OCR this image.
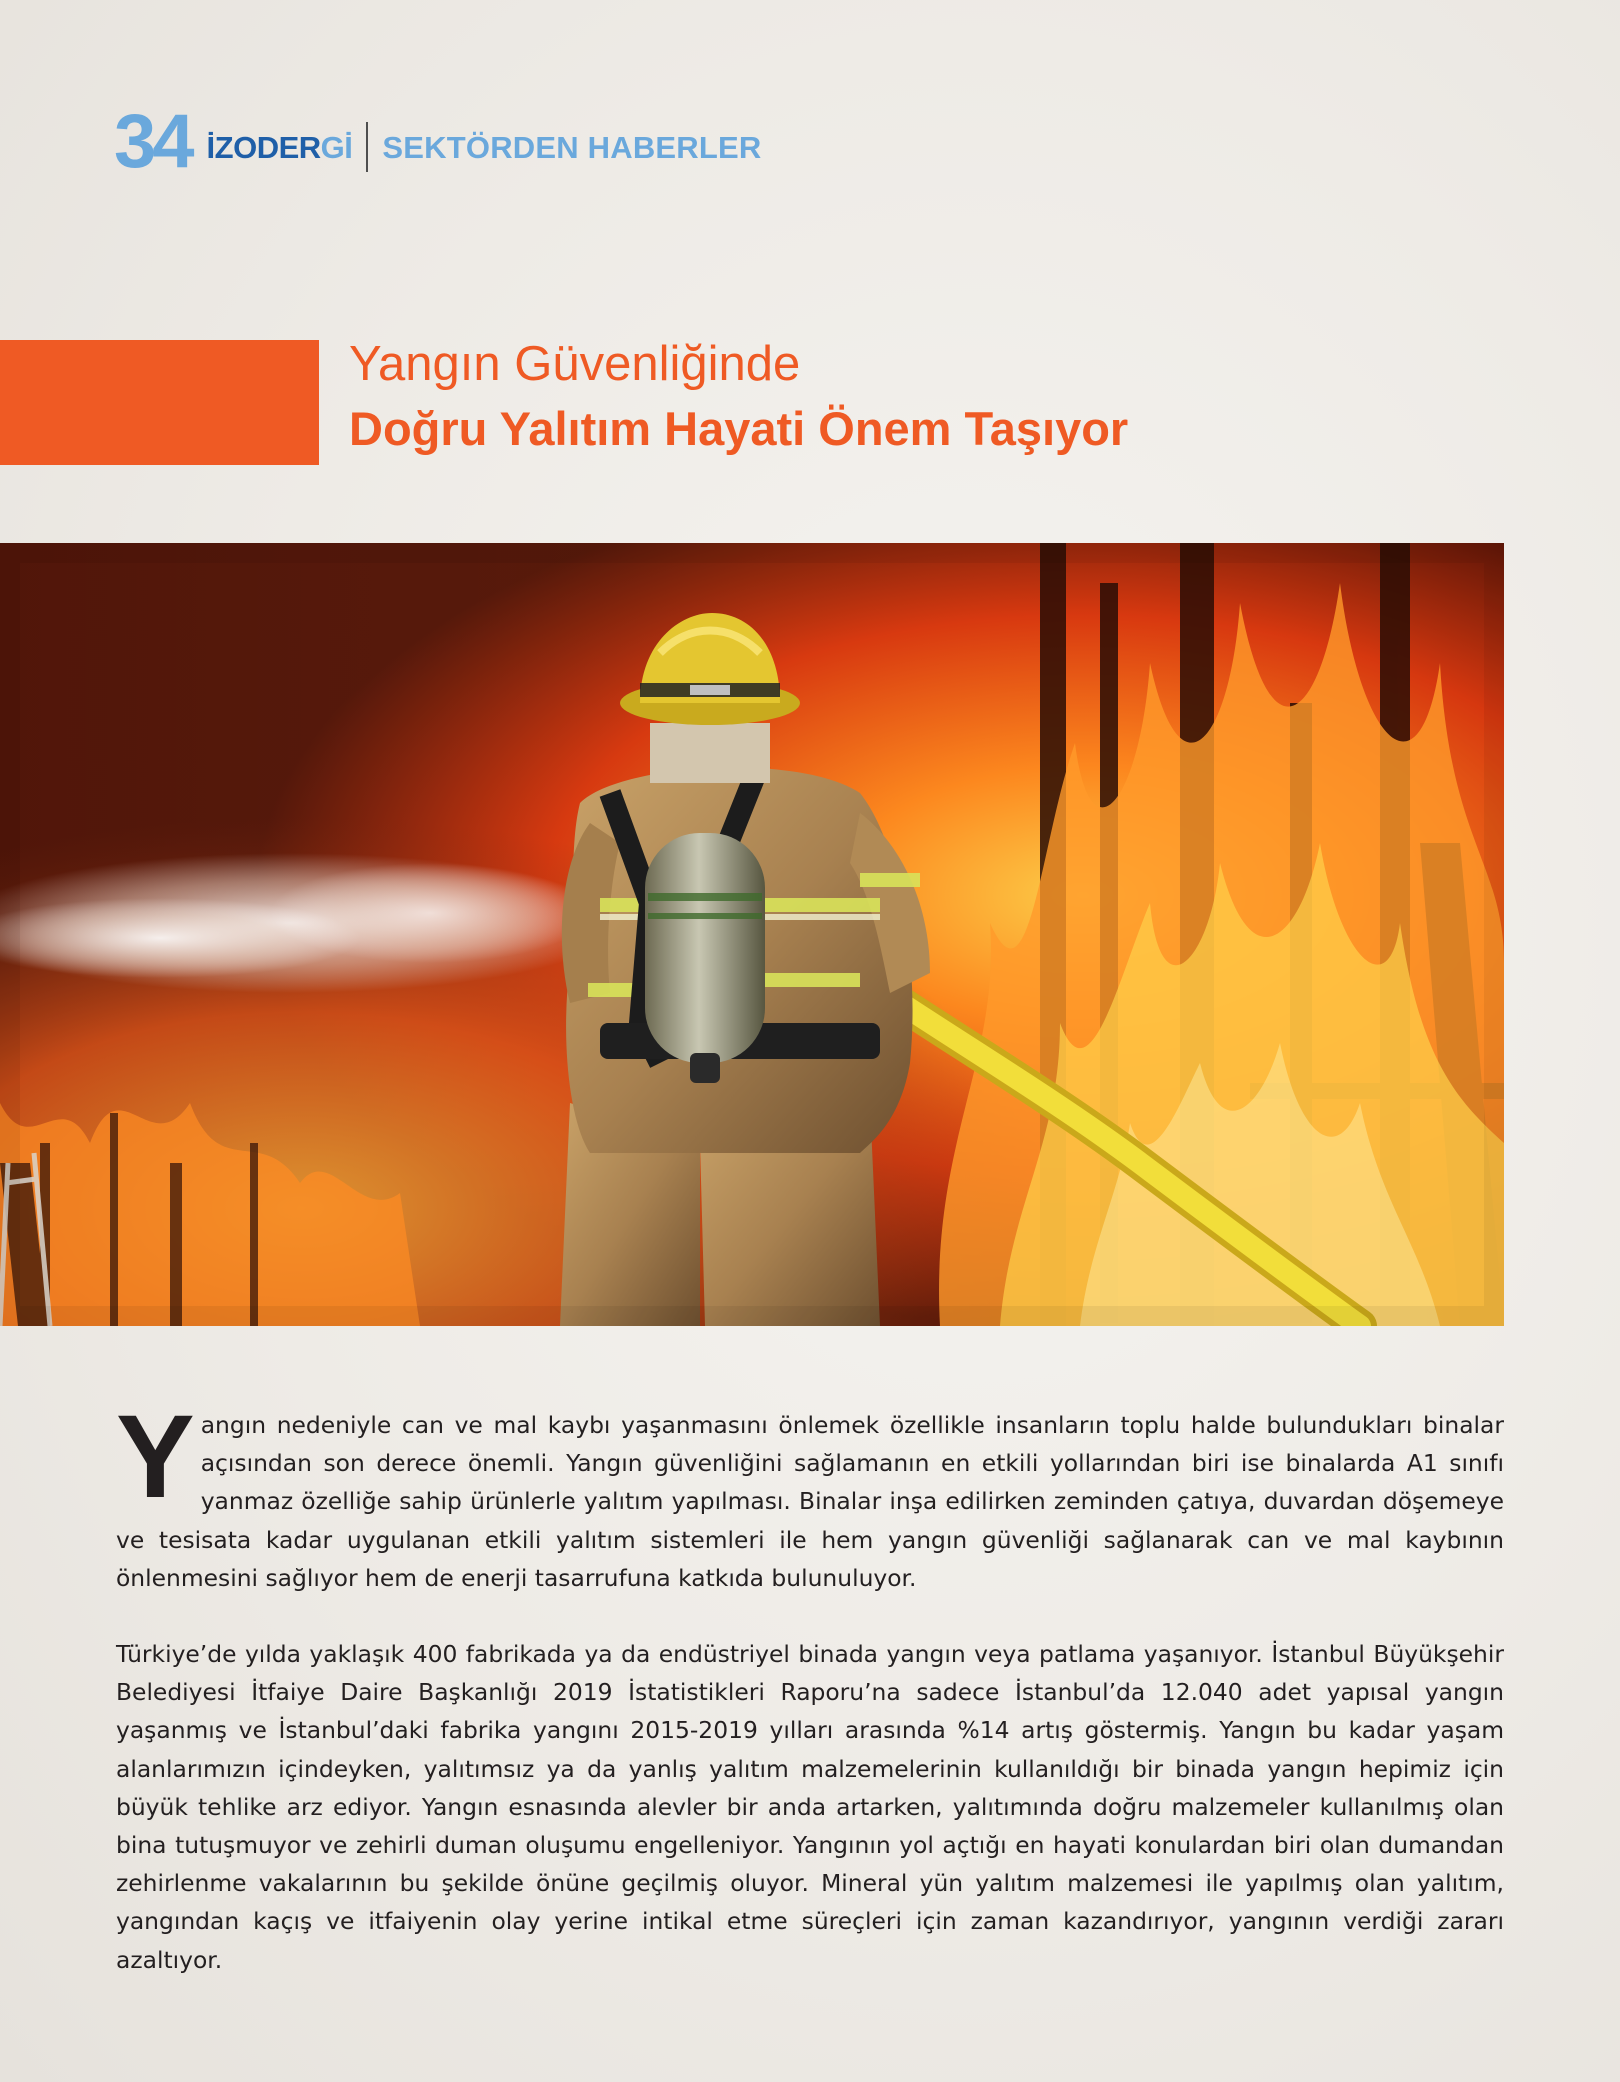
34 İZODERGİ SEKTÖRDEN HABERLER
Yangın Güvenliğinde
Doğru Yalıtım Hayati Önem Taşıyor

Yangın nedeniyle can ve mal kaybı yaşanmasını önlemek özellikle insanların toplu halde bulundukları binalar açısından son derece önemli. Yangın güvenliğini sağlamanın en etkili yollarından biri ise binalarda A1 sınıfı yanmaz özelliğe sahip ürünlerle yalıtım yapılması. Binalar inşa edilirken zeminden çatıya, duvardan döşemeye ve tesisata kadar uygulanan etkili yalıtım sistemleri ile hem yangın güvenliği sağlanarak can ve mal kaybının önlenmesini sağlıyor hem de enerji tasarrufuna katkıda bulunuluyor.

Türkiye’de yılda yaklaşık 400 fabrikada ya da endüstriyel binada yangın veya patlama yaşanıyor. İstanbul Büyükşehir Belediyesi İtfaiye Daire Başkanlığı 2019 İstatistikleri Raporu’na sadece İstanbul’da 12.040 adet yapısal yangın yaşanmış ve İstanbul’daki fabrika yangını 2015-2019 yılları arasında %14 artış göstermiş. Yangın bu kadar yaşam alanlarımızın içindeyken, yalıtımsız ya da yanlış yalıtım malzemelerinin kullanıldığı bir binada yangın hepimiz için büyük tehlike arz ediyor. Yangın esnasında alevler bir anda artarken, yalıtımında doğru malzemeler kullanılmış olan bina tutuşmuyor ve zehirli duman oluşumu engelleniyor. Yangının yol açtığı en hayati konulardan biri olan dumandan zehirlenme vakalarının bu şekilde önüne geçilmiş oluyor. Mineral yün yalıtım malzemesi ile yapılmış olan yalıtım, yangından kaçış ve itfaiyenin olay yerine intikal etme süreçleri için zaman kazandırıyor, yangının verdiği zararı azaltıyor.
